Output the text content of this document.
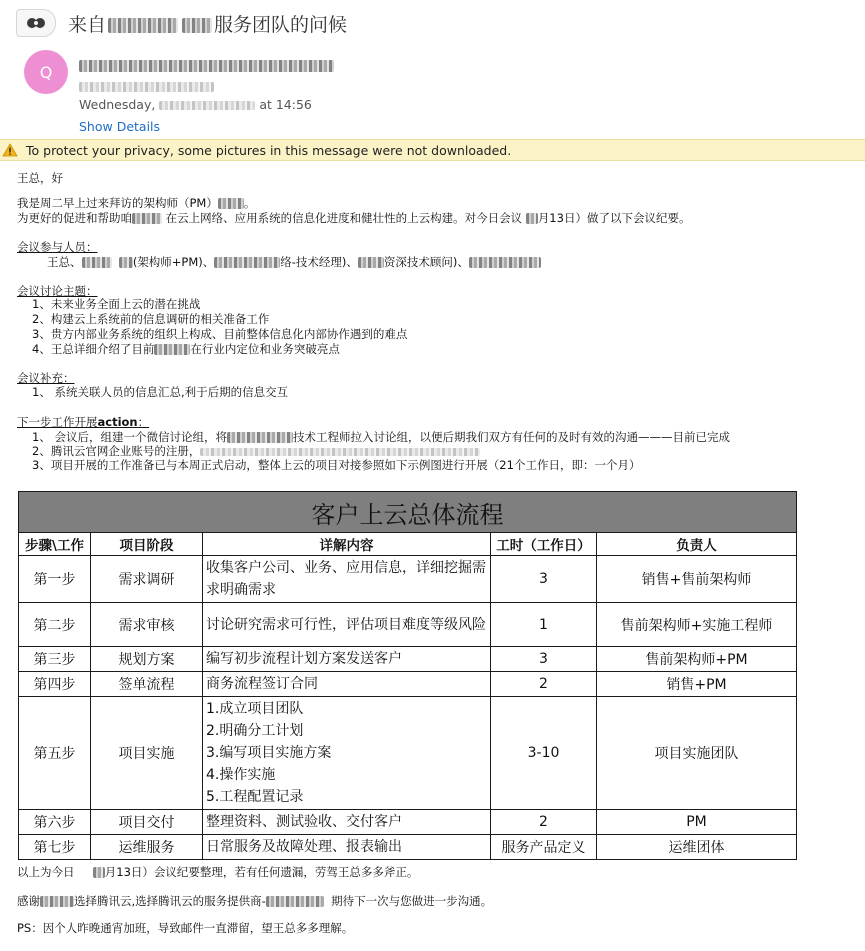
来自	服务团队的问候
Q
Wednesday,	at 14:56
Show Details
To protect your privacy, some pictures in this message were not downloaded.
王总，好
我是周二早上过来拜访的架构师（PM） 。
为更好的促进和帮助咱	在云上网络、应用系统的信息化进度和健壮性的上云构建。对今日会议 月13日）做了以下会议纪要。
会议参与人员：
王总、	(架构师+PM)、	络-技术经理)、 资深技术顾问)、
会议讨论主题：
1、未来业务全面上云的潜在挑战
2、构建云上系统前的信息调研的相关准备工作
3、贵方内部业务系统的组织上构成、目前整体信息化内部协作遇到的难点
4、王总详细介绍了目前	在行业内定位和业务突破亮点
会议补充：
1、 系统关联人员的信息汇总,利于后期的信息交互
下一步工作开展action：
1、 会议后，组建一个微信讨论组，将	技术工程师拉入讨论组，以便后期我们双方有任何的及时有效的沟通———目前已完成
2、腾讯云官网企业账号的注册，
3、项目开展的工作准备已与本周正式启动，整体上云的项目对接参照如下示例图进行开展（21个工作日，即：一个月）
客户上云总体流程				
步骤\工作	项目阶段	详解内容	工时（工作日）	负责人
第一步	需求调研	收集客户公司、业务、应用信息，详细挖掘需求明确需求	3	销售+售前架构师
第二步	需求审核	讨论研究需求可行性，评估项目难度等级风险	1	售前架构师+实施工程师
第三步	规划方案	编写初步流程计划方案发送客户	3	售前架构师+PM
第四步	签单流程	商务流程签订合同	2	销售+PM
第五步	项目实施	1.成立项目团队
2.明确分工计划
3.编写项目实施方案
4.操作实施
5.工程配置记录	3-10	项目实施团队
第六步	项目交付	整理资料、测试验收、交付客户	2	PM
第七步	运维服务	日常服务及故障处理、报表输出	服务产品定义	运维团体
以上为今日	月13日）会议纪要整理，若有任何遗漏，劳驾王总多多斧正。
感谢	选择腾讯云,选择腾讯云的服务提供商-	期待下一次与您做进一步沟通。
PS：因个人昨晚通宵加班，导致邮件一直滞留，望王总多多理解。
